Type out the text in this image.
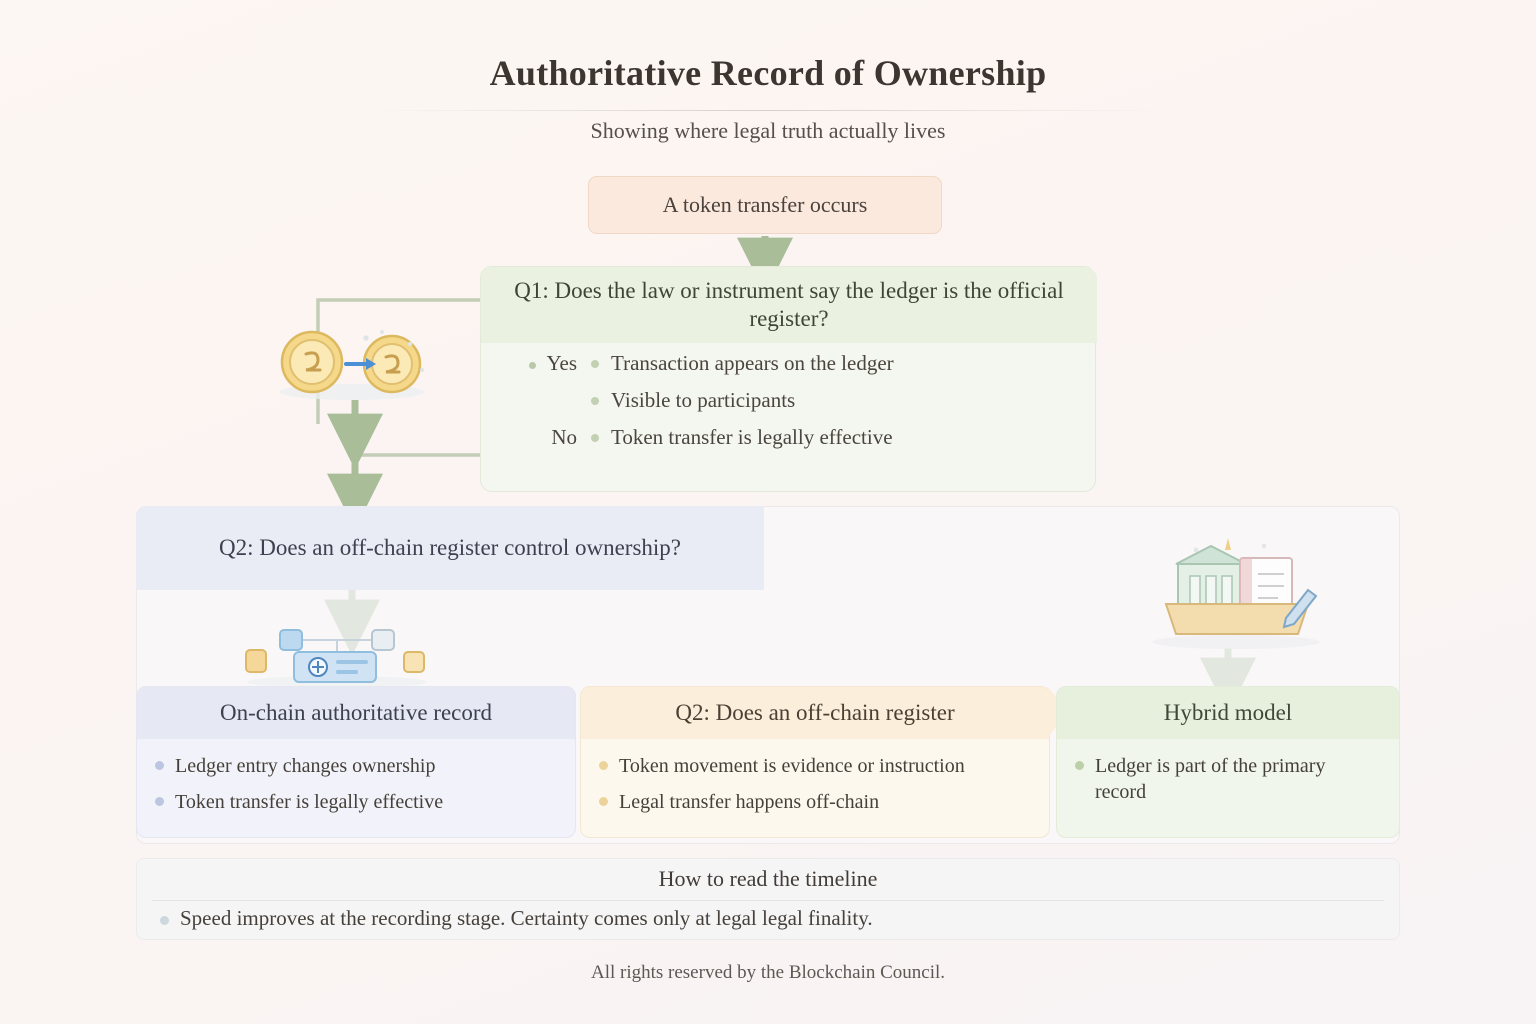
Authoritative Record of Ownership
Showing where legal truth actually lives
A token transfer occurs
Q1: Does the law or instrument say the ledger is the official register?
Yes	Transaction appears on the ledger
Visible to participants
No	Token transfer is legally effective
Q2: Does an off-chain register control ownership?
On-chain authoritative record
Ledger entry changes ownership
Token transfer is legally effective
Q2: Does an off-chain register
Token movement is evidence or instruction
Legal transfer happens off-chain
Hybrid model
Ledger is part of the primary record
How to read the timeline
Speed improves at the recording stage. Certainty comes only at legal legal finality.
All rights reserved by the Blockchain Council.
